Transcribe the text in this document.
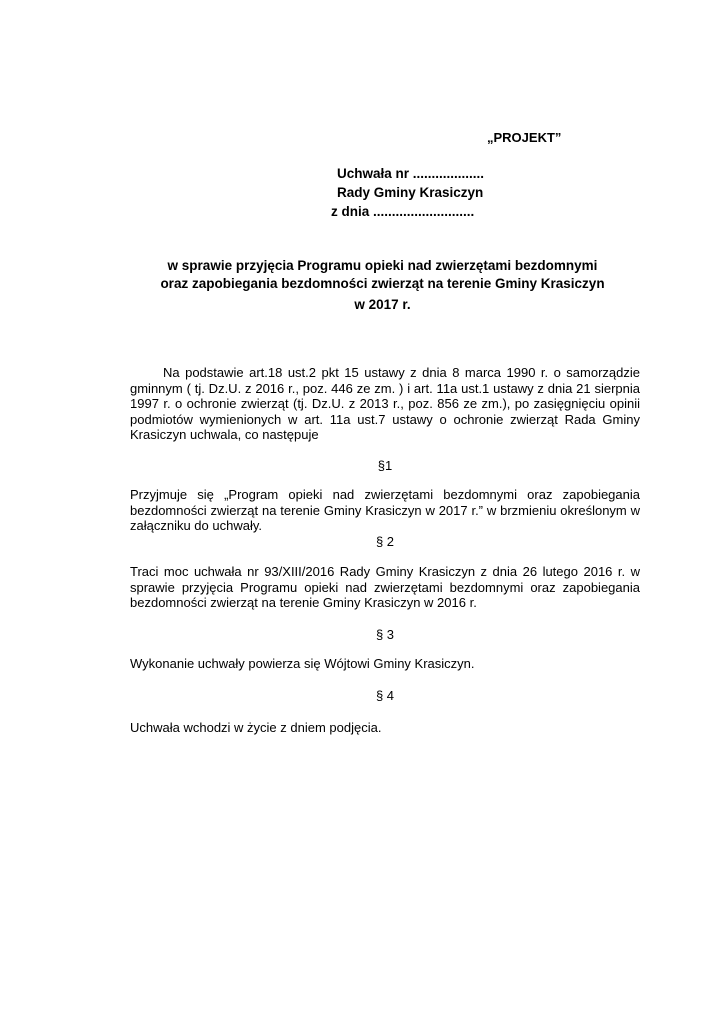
„PROJEKT”
Uchwała nr ...................
Rady Gminy Krasiczyn
z dnia ...........................
w sprawie przyjęcia Programu opieki nad zwierzętami bezdomnymi
oraz zapobiegania bezdomności zwierząt na terenie Gminy Krasiczyn
w 2017 r.
Na podstawie art.18 ust.2 pkt 15 ustawy z dnia 8 marca 1990 r. o samorządzie gminnym ( tj. Dz.U. z 2016 r., poz. 446 ze zm. ) i art. 11a ust.1 ustawy z dnia 21 sierpnia 1997 r. o ochronie zwierząt (tj. Dz.U. z 2013 r., poz. 856 ze zm.), po zasięgnięciu opinii podmiotów wymienionych w art. 11a ust.7 ustawy o ochronie zwierząt Rada Gminy Krasiczyn uchwala, co następuje
§1
Przyjmuje się „Program opieki nad zwierzętami bezdomnymi oraz zapobiegania bezdomności zwierząt na terenie Gminy Krasiczyn w 2017 r.” w brzmieniu określonym w załączniku do uchwały.
§ 2
Traci moc uchwała nr 93/XIII/2016 Rady Gminy Krasiczyn z dnia 26 lutego 2016 r. w sprawie przyjęcia Programu opieki nad zwierzętami bezdomnymi oraz zapobiegania bezdomności zwierząt na terenie Gminy Krasiczyn w 2016 r.
§ 3
Wykonanie uchwały powierza się Wójtowi Gminy Krasiczyn.
§ 4
Uchwała wchodzi w życie z dniem podjęcia.
